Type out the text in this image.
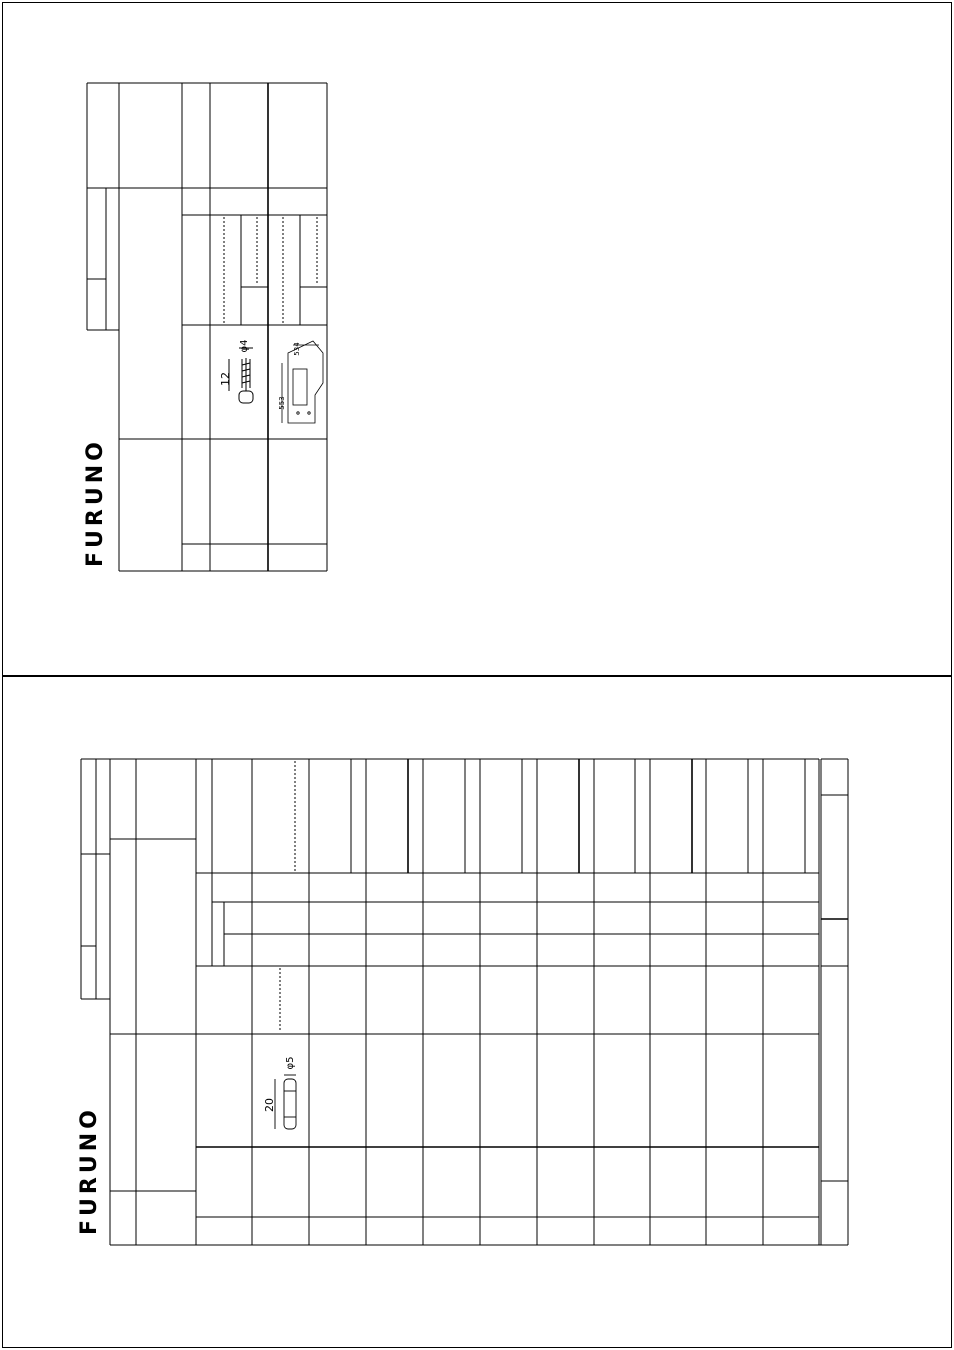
FURUNO
12
φ4
553
534
FURUNO
20
φ5
